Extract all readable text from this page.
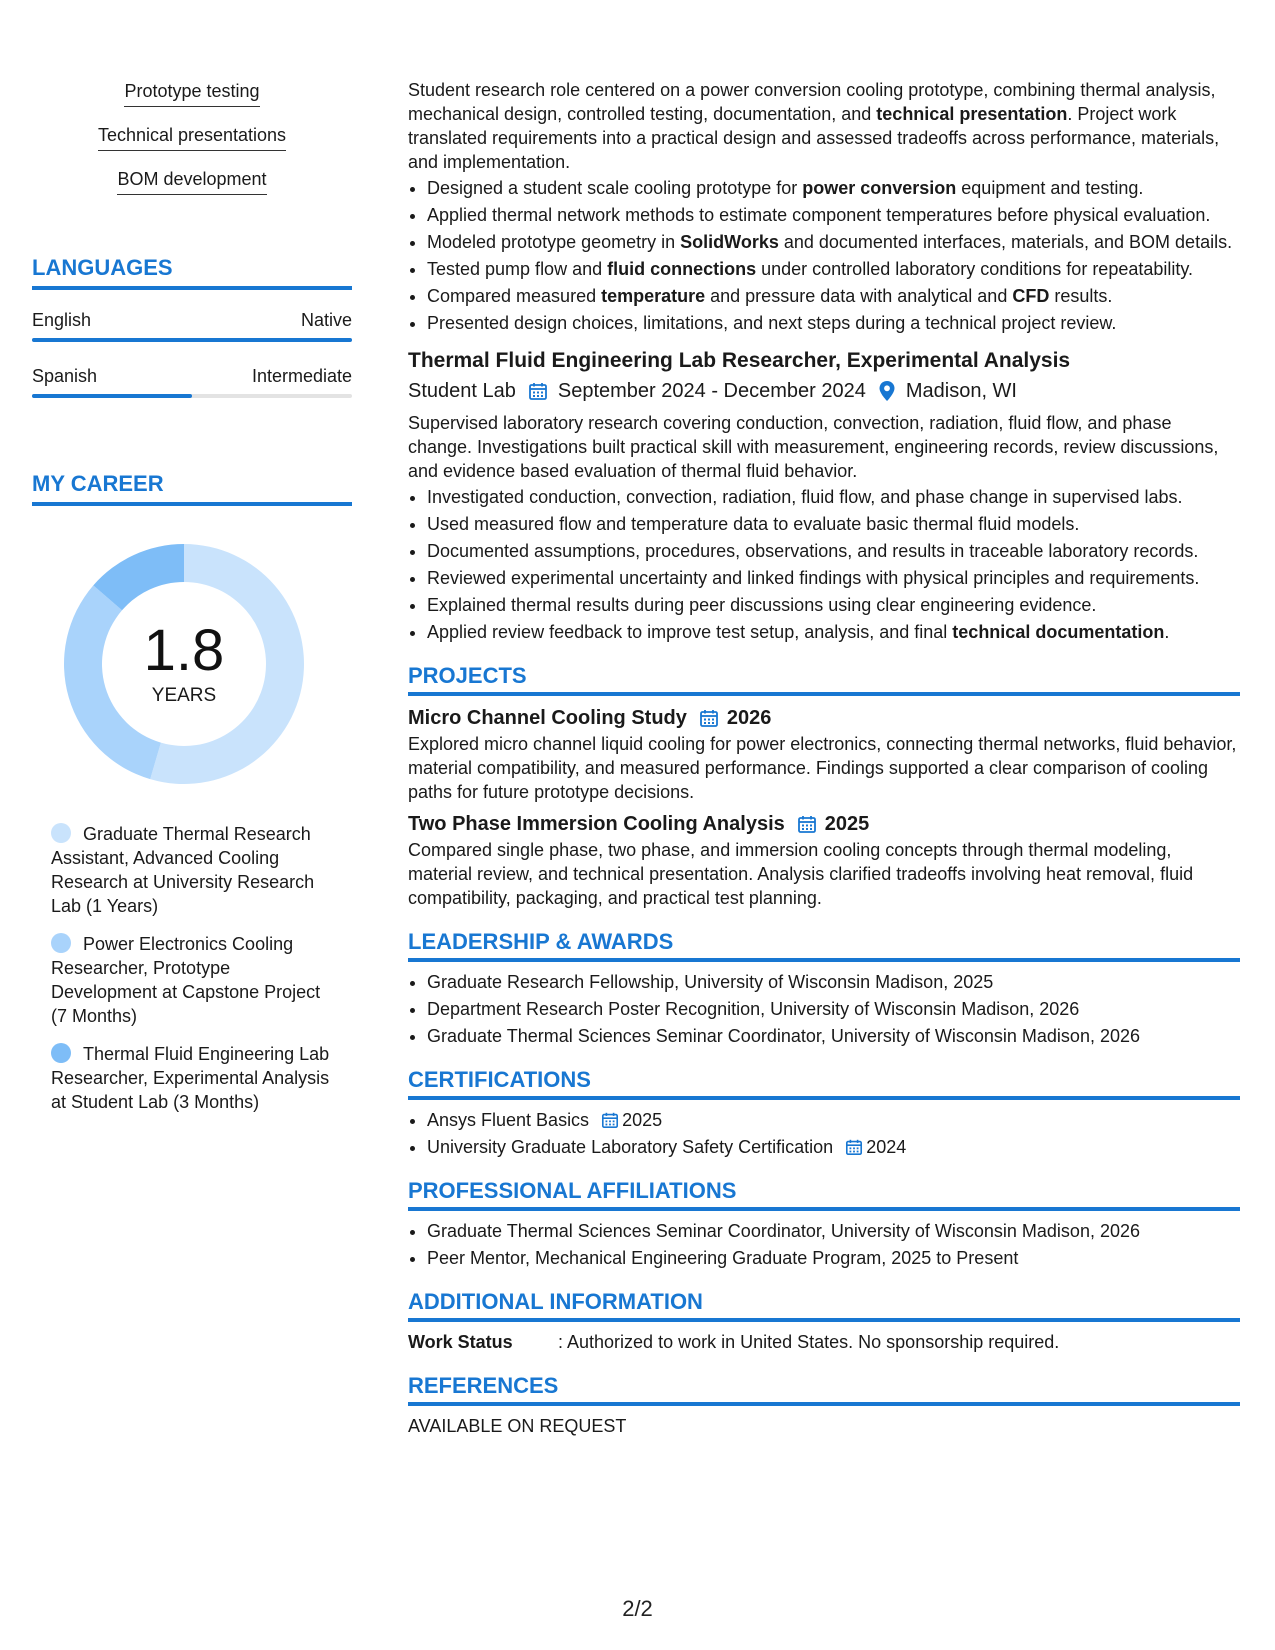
Prototype testing
Technical presentations
BOM development
LANGUAGES
English	Native
Spanish	Intermediate
MY CAREER
1.8
YEARS
Graduate Thermal Research Assistant, Advanced Cooling Research at University Research Lab (1 Years)
Power Electronics Cooling Researcher, Prototype Development at Capstone Project (7 Months)
Thermal Fluid Engineering Lab Researcher, Experimental Analysis at Student Lab (3 Months)

Student research role centered on a power conversion cooling prototype, combining thermal analysis, mechanical design, controlled testing, documentation, and technical presentation. Project work translated requirements into a practical design and assessed tradeoffs across performance, materials, and implementation.

• Designed a student scale cooling prototype for power conversion equipment and testing.
• Applied thermal network methods to estimate component temperatures before physical evaluation.
• Modeled prototype geometry in SolidWorks and documented interfaces, materials, and BOM details.
• Tested pump flow and fluid connections under controlled laboratory conditions for repeatability.
• Compared measured temperature and pressure data with analytical and CFD results.
• Presented design choices, limitations, and next steps during a technical project review.
Thermal Fluid Engineering Lab Researcher, Experimental Analysis
Student Lab September 2024 - December 2024 Madison, WI

Supervised laboratory research covering conduction, convection, radiation, fluid flow, and phase change. Investigations built practical skill with measurement, engineering records, review discussions, and evidence based evaluation of thermal fluid behavior.

• Investigated conduction, convection, radiation, fluid flow, and phase change in supervised labs.
• Used measured flow and temperature data to evaluate basic thermal fluid models.
• Documented assumptions, procedures, observations, and results in traceable laboratory records.
• Reviewed experimental uncertainty and linked findings with physical principles and requirements.
• Explained thermal results during peer discussions using clear engineering evidence.
• Applied review feedback to improve test setup, analysis, and final technical documentation.
PROJECTS
Micro Channel Cooling Study 2026

Explored micro channel liquid cooling for power electronics, connecting thermal networks, fluid behavior, material compatibility, and measured performance. Findings supported a clear comparison of cooling paths for future prototype decisions.

Two Phase Immersion Cooling Analysis 2025

Compared single phase, two phase, and immersion cooling concepts through thermal modeling, material review, and technical presentation. Analysis clarified tradeoffs involving heat removal, fluid compatibility, packaging, and practical test planning.

LEADERSHIP & AWARDS
• Graduate Research Fellowship, University of Wisconsin Madison, 2025
• Department Research Poster Recognition, University of Wisconsin Madison, 2026
• Graduate Thermal Sciences Seminar Coordinator, University of Wisconsin Madison, 2026
CERTIFICATIONS
• Ansys Fluent Basics 2025
• University Graduate Laboratory Safety Certification 2024
PROFESSIONAL AFFILIATIONS
• Graduate Thermal Sciences Seminar Coordinator, University of Wisconsin Madison, 2026
• Peer Mentor, Mechanical Engineering Graduate Program, 2025 to Present
ADDITIONAL INFORMATION
Work Status	: Authorized to work in United States. No sponsorship required.
REFERENCES

AVAILABLE ON REQUEST

2/2
